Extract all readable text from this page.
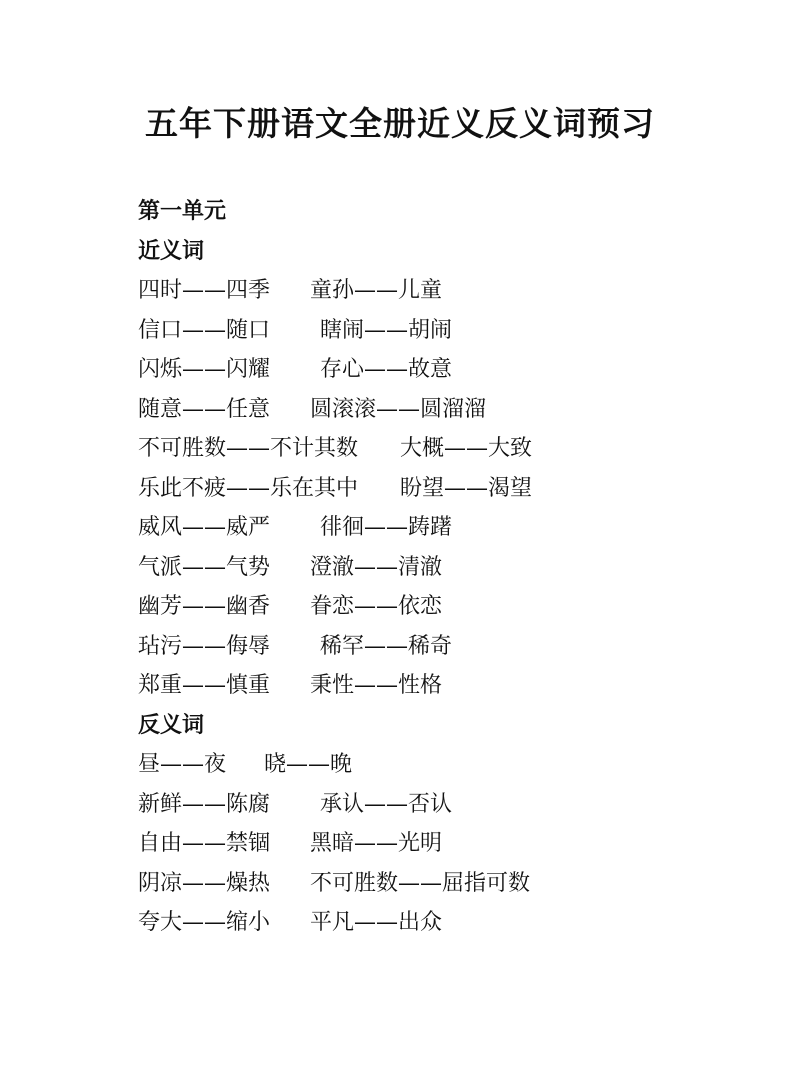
五年下册语文全册近义反义词预习
第一单元
近义词
四时——四季 童孙——儿童
信口——随口 瞎闹——胡闹
闪烁——闪耀 存心——故意
随意——任意 圆滚滚——圆溜溜
不可胜数——不计其数 大概——大致
乐此不疲——乐在其中 盼望——渴望
威风——威严 徘徊——踌躇
气派——气势 澄澈——清澈
幽芳——幽香 眷恋——依恋
玷污——侮辱 稀罕——稀奇
郑重——慎重 秉性——性格
反义词
昼——夜 晓——晚
新鲜——陈腐 承认——否认
自由——禁锢 黑暗——光明
阴凉——燥热 不可胜数——屈指可数
夸大——缩小 平凡——出众
